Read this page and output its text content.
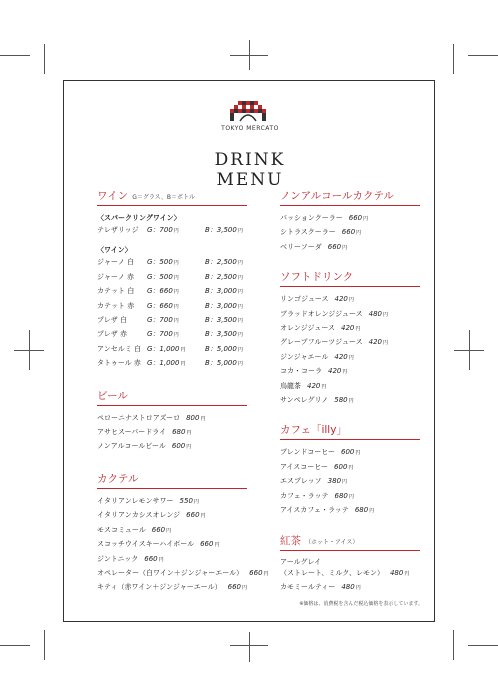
TOKYO MERCATO
DRINK　MENU
ワイン G＝グラス、B＝ボトル
〈スパークリングワイン〉
テレザリッジ G：700円	B：3,500円
〈ワイン〉
ジャーノ 白 G：500円	B：2,500円
ジャーノ 赤 G：500円	B：2,500円
カテット 白 G：660円	B：3,000円
カテット 赤 G：660円	B：3,000円
プレザ 白	G：700円	B：3,500円
プレザ 赤	G：700円	B：3,500円
アンセルミ 白 G：1,000円	B：5,000円
タトゥール 赤 G：1,000円	B：5,000円
ビール
ペローニナストロアズーロ 800円
アサヒスーパードライ 680円
ノンアルコールビール 600円
カクテル
イタリアンレモンサワー 550円
イタリアンカシスオレンジ 660円
モスコミュール 660円
スコッチウイスキーハイボール 660円
ジントニック 660円
オペレーター（白ワイン＋ジンジャーエール） 660円
キティ（赤ワイン＋ジンジャーエール） 660円
ノンアルコールカクテル
パッションクーラー 660円
シトラスクーラー 660円
ベリーソーダ 660円
ソフトドリンク
リンゴジュース 420円
ブラッドオレンジジュース 480円
オレンジジュース 420円
グレープフルーツジュース 420円
ジンジャエール 420円
コカ・コーラ 420円
烏龍茶 420円
サンペレグリノ 580円
カフェ「illy」
ブレンドコーヒー 600円
アイスコーヒー 600円
エスプレッソ 380円
カフェ・ラッテ 680円
アイスカフェ・ラッテ 680円
紅茶 （ホット・アイス）
アールグレイ
（ストレート、ミルク、レモン） 480円
カモミールティー 480円
※価格は、消費税を含んだ税込価格を表示しています。
